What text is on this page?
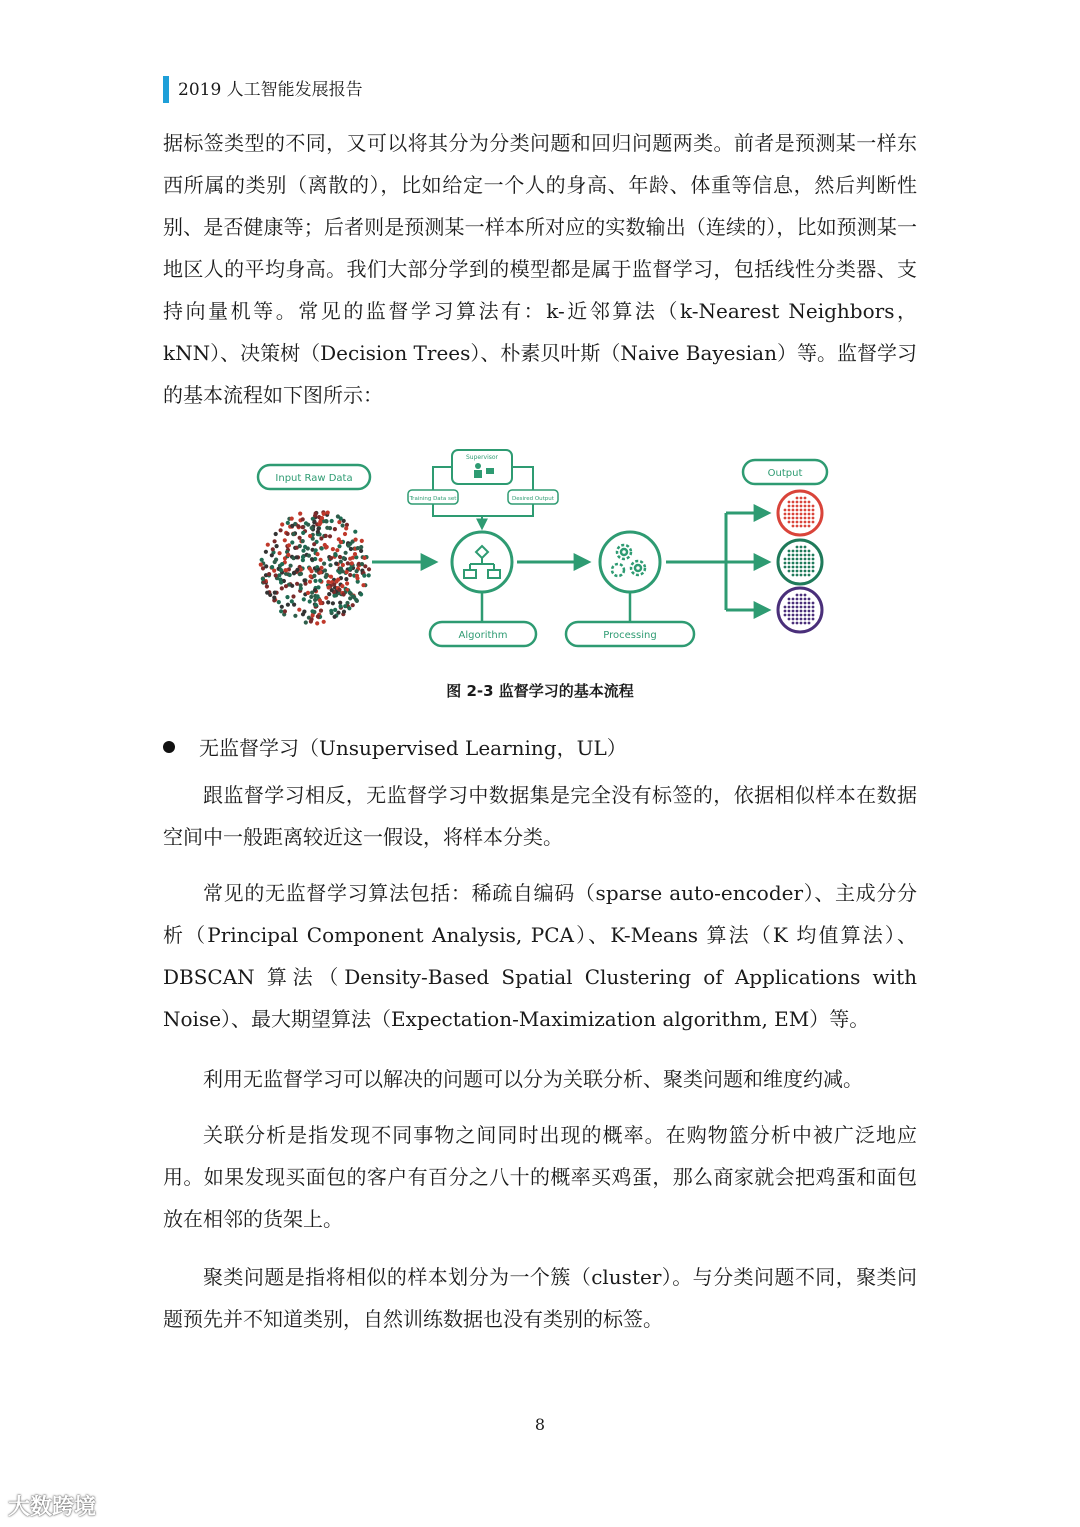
2019 人工智能发展报告

据标签类型的不同，又可以将其分为分类问题和回归问题两类。前者是预测某一样东西所属的类别（离散的），比如给定一个人的身高、年龄、体重等信息，然后判断性别、是否健康等；后者则是预测某一样本所对应的实数输出（连续的），比如预测某一地区人的平均身高。我们大部分学到的模型都是属于监督学习，包括线性分类器、支持向量机等。常见的监督学习算法有：k-近邻算法（k-Nearest Neighbors，kNN）、决策树（Decision Trees）、朴素贝叶斯（Naive Bayesian）等。监督学习的基本流程如下图所示：

Input Raw Data
Supervisor
Training Data set	Desired Output
Algorithm	Processing
Output
图 2-3 监督学习的基本流程
无监督学习（Unsupervised Learning，UL）

跟监督学习相反，无监督学习中数据集是完全没有标签的，依据相似样本在数据空间中一般距离较近这一假设，将样本分类。

常见的无监督学习算法包括：稀疏自编码（sparse auto-encoder）、主成分分析（Principal Component Analysis, PCA）、K-Means 算法（K 均值算法）、DBSCAN 算法（Density-Based Spatial Clustering of Applications with Noise）、最大期望算法（Expectation-Maximization algorithm, EM）等。

利用无监督学习可以解决的问题可以分为关联分析、聚类问题和维度约减。

关联分析是指发现不同事物之间同时出现的概率。在购物篮分析中被广泛地应用。如果发现买面包的客户有百分之八十的概率买鸡蛋，那么商家就会把鸡蛋和面包放在相邻的货架上。

聚类问题是指将相似的样本划分为一个簇（cluster）。与分类问题不同，聚类问题预先并不知道类别，自然训练数据也没有类别的标签。

8
大数跨境
